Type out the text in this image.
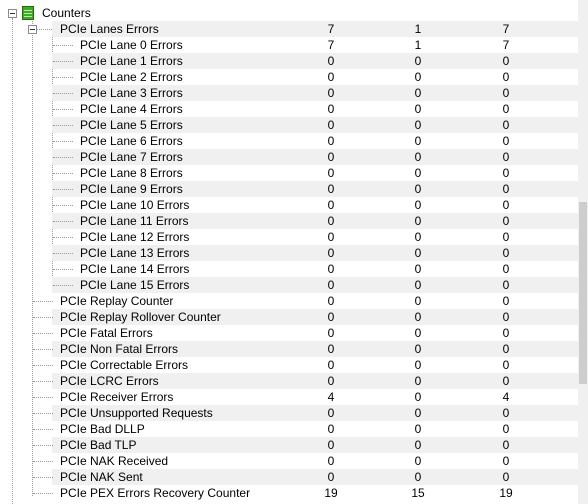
Counters
PCIe Lanes Errors	7	1	7
PCIe Lane 0 Errors	7	1	7
PCIe Lane 1 Errors	0	0	0
PCIe Lane 2 Errors	0	0	0
PCIe Lane 3 Errors	0	0	0
PCIe Lane 4 Errors	0	0	0
PCIe Lane 5 Errors	0	0	0
PCIe Lane 6 Errors	0	0	0
PCIe Lane 7 Errors	0	0	0
PCIe Lane 8 Errors	0	0	0
PCIe Lane 9 Errors	0	0	0
PCIe Lane 10 Errors	0	0	0
PCIe Lane 11 Errors	0	0	0
PCIe Lane 12 Errors	0	0	0
PCIe Lane 13 Errors	0	0	0
PCIe Lane 14 Errors	0	0	0
PCIe Lane 15 Errors	0	0	0
PCIe Replay Counter	0	0	0
PCIe Replay Rollover Counter	0	0	0
PCIe Fatal Errors	0	0	0
PCIe Non Fatal Errors	0	0	0
PCIe Correctable Errors	0	0	0
PCIe LCRC Errors	0	0	0
PCIe Receiver Errors	4	0	4
PCIe Unsupported Requests	0	0	0
PCIe Bad DLLP	0	0	0
PCIe Bad TLP	0	0	0
PCIe NAK Received	0	0	0
PCIe NAK Sent	0	0	0
PCIe PEX Errors Recovery Counter	19	15	19
